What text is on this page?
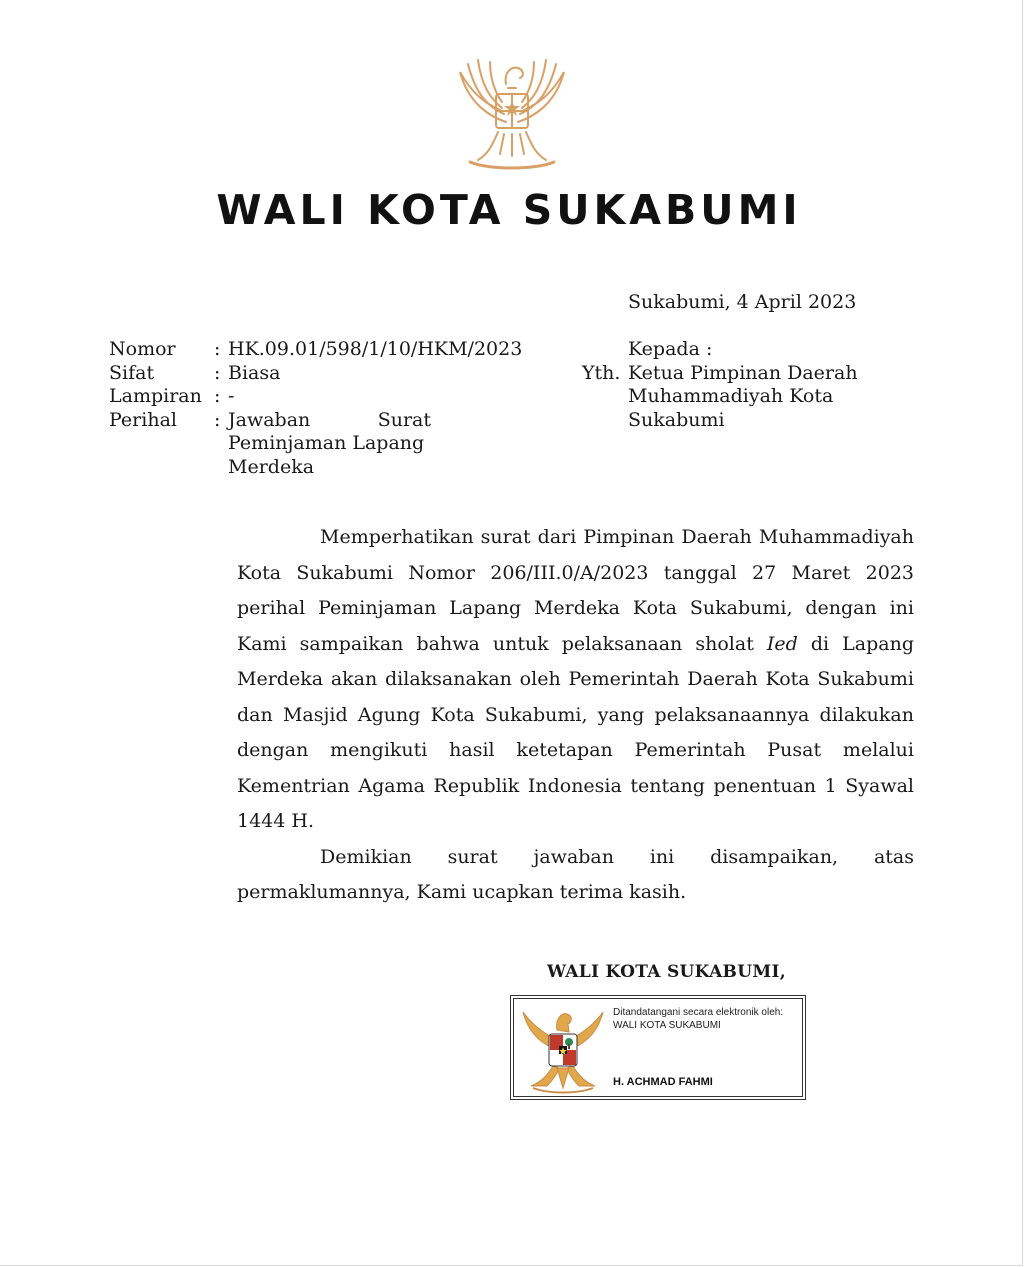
WALI KOTA SUKABUMI
Sukabumi, 4 April 2023
Nomor	: HK.09.01/598/1/10/HKM/2023
Sifat	: Biasa
Lampiran : -
Perihal	: Jawaban	Surat
Peminjaman Lapang
Merdeka
Kepada :
Yth. Ketua Pimpinan Daerah
Muhammadiyah Kota
Sukabumi

Memperhatikan surat dari Pimpinan Daerah Muhammadiyah Kota Sukabumi Nomor 206/III.0/A/2023 tanggal 27 Maret 2023 perihal Peminjaman Lapang Merdeka Kota Sukabumi, dengan ini Kami sampaikan bahwa untuk pelaksanaan sholat Ied di Lapang Merdeka akan dilaksanakan oleh Pemerintah Daerah Kota Sukabumi dan Masjid Agung Kota Sukabumi, yang pelaksanaannya dilakukan dengan mengikuti hasil ketetapan Pemerintah Pusat melalui Kementrian Agama Republik Indonesia tentang penentuan 1 Syawal 1444 H.

Demikian surat jawaban ini disampaikan, atas permaklumannya, Kami ucapkan terima kasih.

WALI KOTA SUKABUMI,
Ditandatangani secara elektronik oleh:
WALI KOTA SUKABUMI
H. ACHMAD FAHMI
